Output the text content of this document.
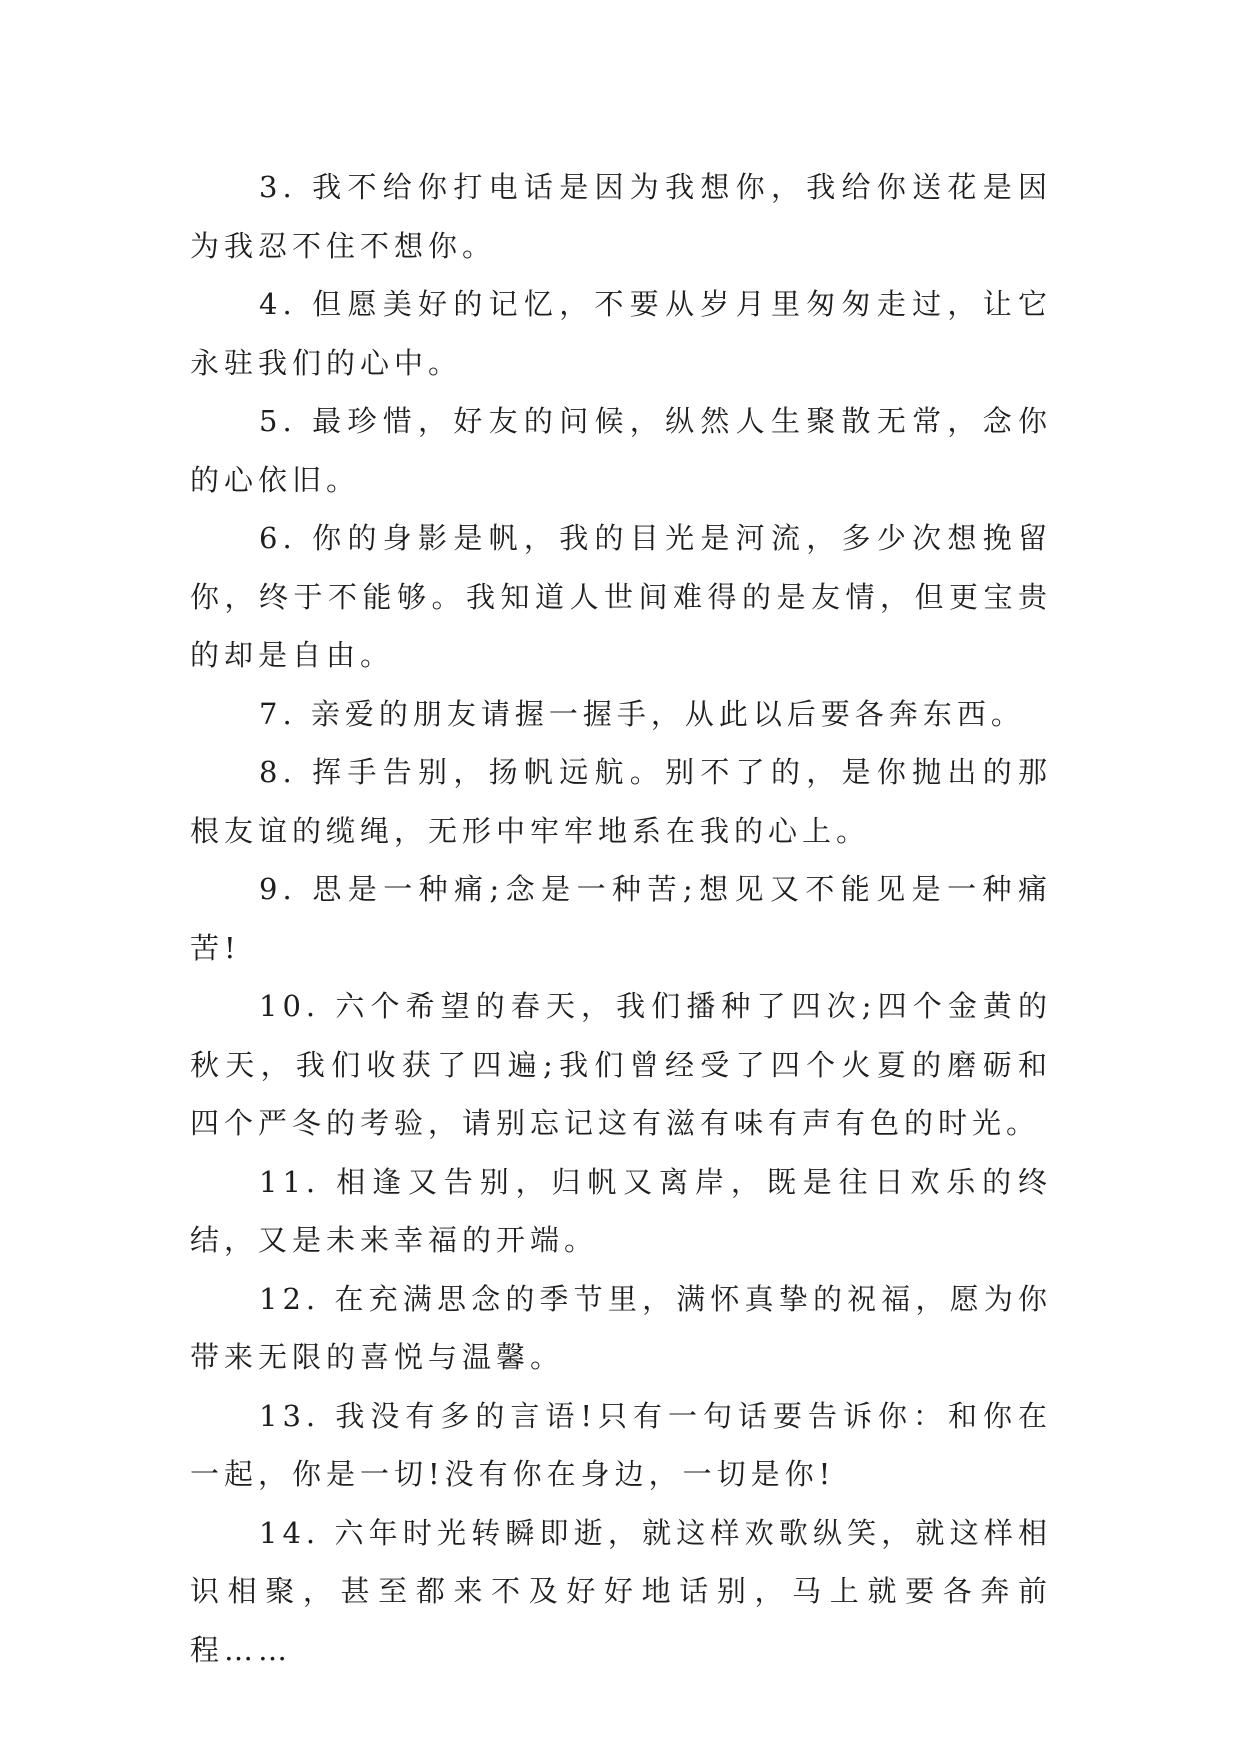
3. 我不给你打电话是因为我想你，我给你送花是因为我忍不住不想你。

4. 但愿美好的记忆，不要从岁月里匆匆走过，让它永驻我们的心中。

5. 最珍惜，好友的问候，纵然人生聚散无常，念你的心依旧。

6. 你的身影是帆，我的目光是河流，多少次想挽留你，终于不能够。我知道人世间难得的是友情，但更宝贵的却是自由。

7. 亲爱的朋友请握一握手，从此以后要各奔东西。

8. 挥手告别，扬帆远航。别不了的，是你抛出的那根友谊的缆绳，无形中牢牢地系在我的心上。

9. 思是一种痛;念是一种苦;想见又不能见是一种痛苦!

10. 六个希望的春天，我们播种了四次;四个金黄的秋天，我们收获了四遍;我们曾经受了四个火夏的磨砺和四个严冬的考验，请别忘记这有滋有味有声有色的时光。

11. 相逢又告别，归帆又离岸，既是往日欢乐的终结，又是未来幸福的开端。

12. 在充满思念的季节里，满怀真挚的祝福，愿为你带来无限的喜悦与温馨。

13. 我没有多的言语!只有一句话要告诉你：和你在一起，你是一切!没有你在身边，一切是你!

14. 六年时光转瞬即逝，就这样欢歌纵笑，就这样相识相聚，甚至都来不及好好地话别，马上就要各奔前程……
